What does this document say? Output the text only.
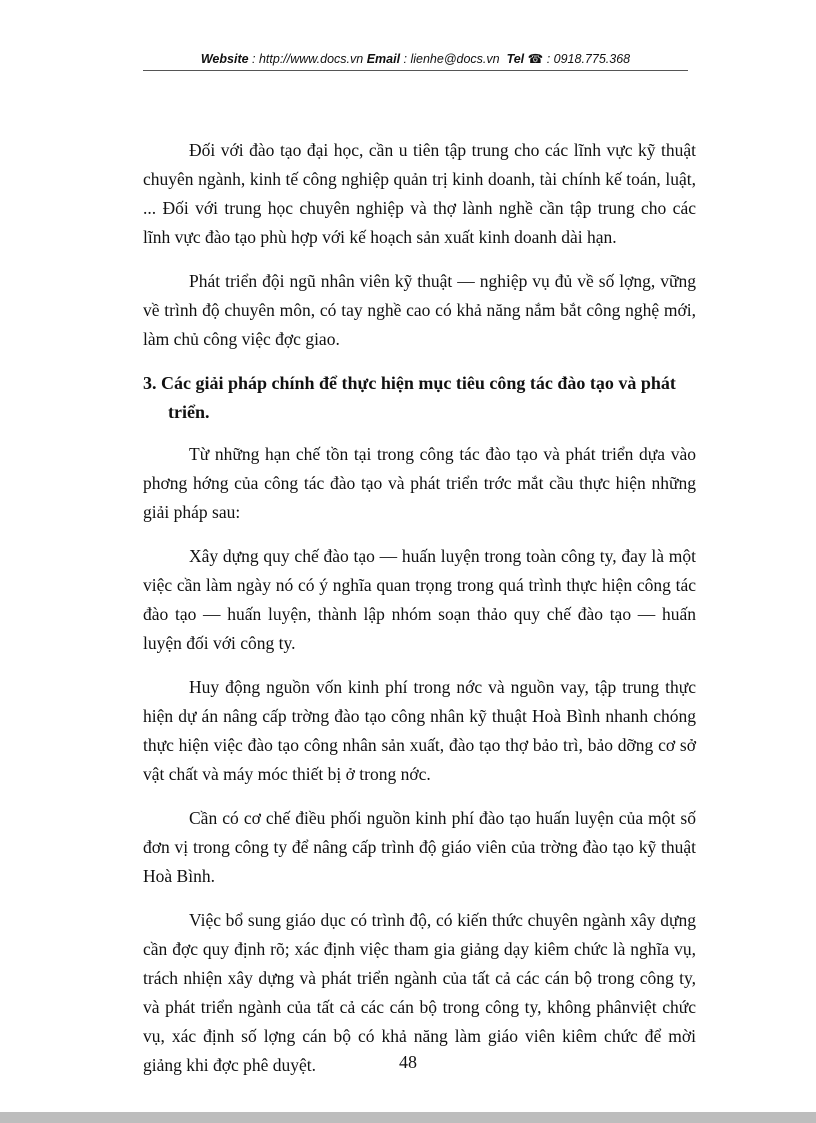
Website : http://www.docs.vn Email : lienhe@docs.vn Tel ☎ : 0918.775.368

Đối với đào tạo đại học, cần u tiên tập trung cho các lĩnh vực kỹ thuật chuyên ngành, kinh tế công nghiệp quản trị kinh doanh, tài chính kế toán, luật, ... Đối với trung học chuyên nghiệp và thợ lành nghề cần tập trung cho các lĩnh vực đào tạo phù hợp với kế hoạch sản xuất kinh doanh dài hạn.

Phát triển đội ngũ nhân viên kỹ thuật — nghiệp vụ đủ về số lợng, vững về trình độ chuyên môn, có tay nghề cao có khả năng nắm bắt công nghệ mới, làm chủ công việc đợc giao.

3. Các giải pháp chính để thực hiện mục tiêu công tác đào tạo và phát triển.

Từ những hạn chế tồn tại trong công tác đào tạo và phát triển dựa vào phơng hớng của công tác đào tạo và phát triển trớc mắt cầu thực hiện những giải pháp sau:

Xây dựng quy chế đào tạo — huấn luyện trong toàn công ty, đay là một việc cần làm ngày nó có ý nghĩa quan trọng trong quá trình thực hiện công tác đào tạo — huấn luyện, thành lập nhóm soạn thảo quy chế đào tạo — huấn luyện đối với công ty.

Huy động nguồn vốn kinh phí trong nớc và nguồn vay, tập trung thực hiện dự án nâng cấp trờng đào tạo công nhân kỹ thuật Hoà Bình nhanh chóng thực hiện việc đào tạo công nhân sản xuất, đào tạo thợ bảo trì, bảo dỡng cơ sở vật chất và máy móc thiết bị ở trong nớc.

Cần có cơ chế điều phối nguồn kinh phí đào tạo huấn luyện của một số đơn vị trong công ty để nâng cấp trình độ giáo viên của trờng đào tạo kỹ thuật Hoà Bình.

Việc bổ sung giáo dục có trình độ, có kiến thức chuyên ngành xây dựng cần đợc quy định rõ; xác định việc tham gia giảng dạy kiêm chức là nghĩa vụ, trách nhiện xây dựng và phát triển ngành của tất cả các cán bộ trong công ty, và phát triển ngành của tất cả các cán bộ trong công ty, không phânviệt chức vụ, xác định số lợng cán bộ có khả năng làm giáo viên kiêm chức để mời giảng khi đợc phê duyệt.	48
